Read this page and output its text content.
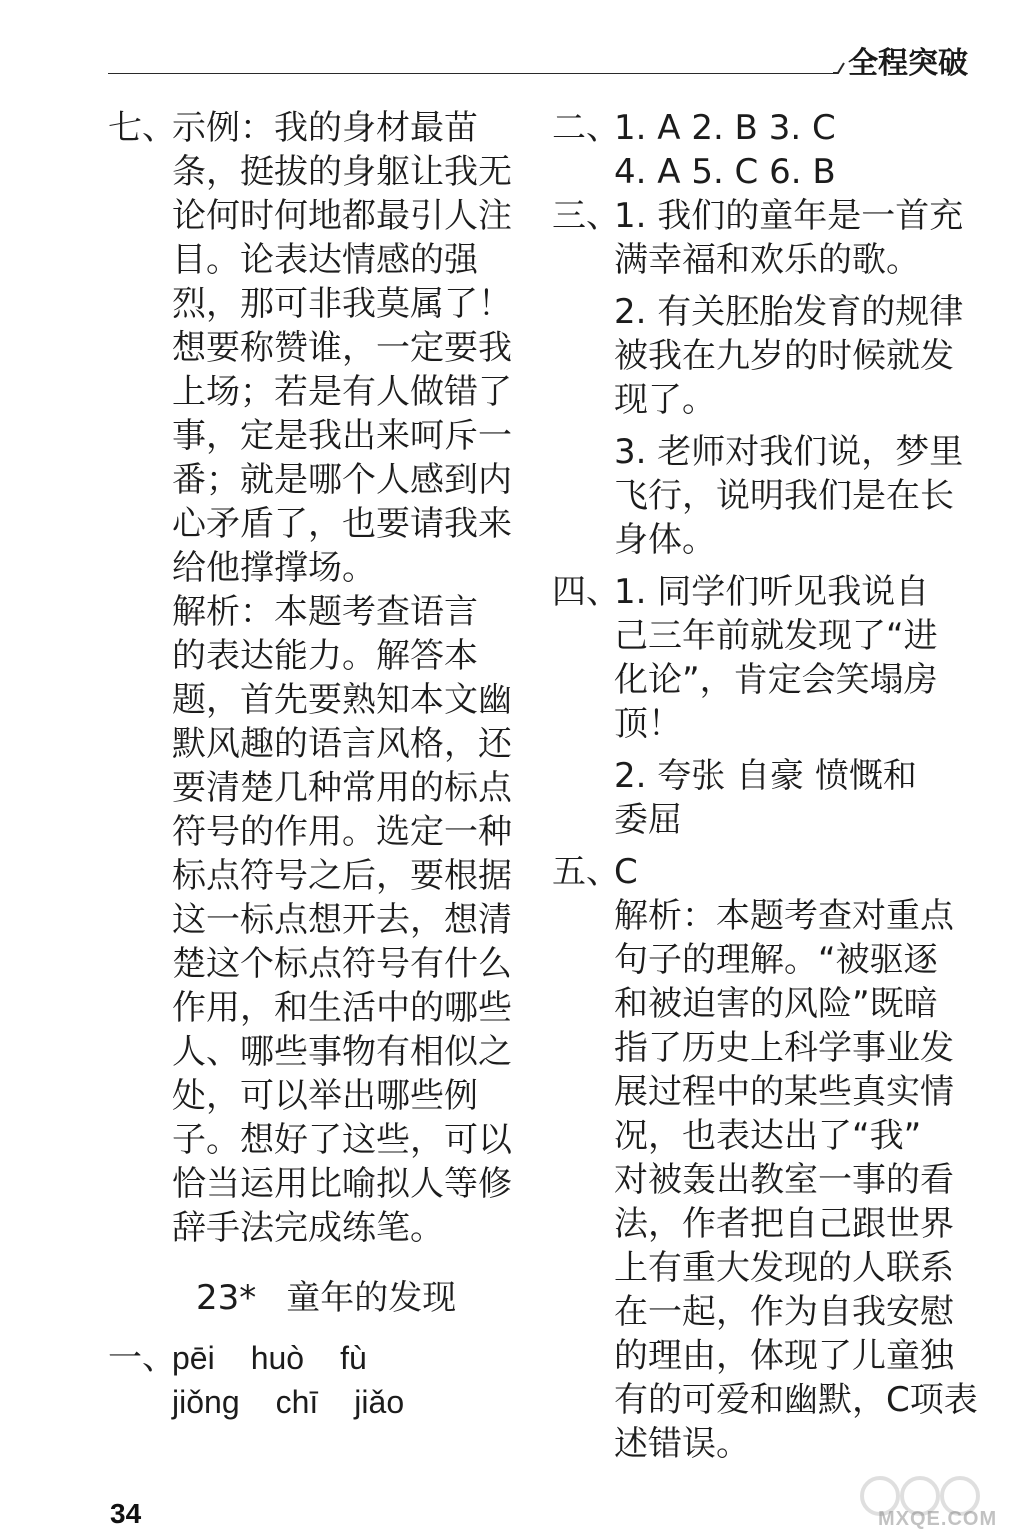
全程突破
七、
示例：我的身材最苗
条，挺拔的身躯让我无
论何时何地都最引人注
目。论表达情感的强
烈，那可非我莫属了！
想要称赞谁，一定要我
上场；若是有人做错了
事，定是我出来呵斥一
番；就是哪个人感到内
心矛盾了，也要请我来
给他撑撑场。
解析：本题考查语言
的表达能力。解答本
题，首先要熟知本文幽
默风趣的语言风格，还
要清楚几种常用的标点
符号的作用。选定一种
标点符号之后，要根据
这一标点想开去，想清
楚这个标点符号有什么
作用，和生活中的哪些
人、哪些事物有相似之
处，可以举出哪些例
子。想好了这些，可以
恰当运用比喻拟人等修
辞手法完成练笔。
23* 童年的发现
一、
pēi huò fù
jiǒng chī jiǎo
二、
1. A 2. B 3. C
4. A 5. C 6. B
三、
1. 我们的童年是一首充
满幸福和欢乐的歌。
2. 有关胚胎发育的规律
被我在九岁的时候就发
现了。
3. 老师对我们说，梦里
飞行，说明我们是在长
身体。
四、
1. 同学们听见我说自
己三年前就发现了“进
化论”，肯定会笑塌房
顶！
2. 夸张 自豪 愤慨和
委屈
五、
C
解析：本题考查对重点
句子的理解。“被驱逐
和被迫害的风险”既暗
指了历史上科学事业发
展过程中的某些真实情
况，也表达出了“我”
对被轰出教室一事的看
法，作者把自己跟世界
上有重大发现的人联系
在一起，作为自我安慰
的理由，体现了儿童独
有的可爱和幽默，C项表
述错误。
34	MXQE.COM
